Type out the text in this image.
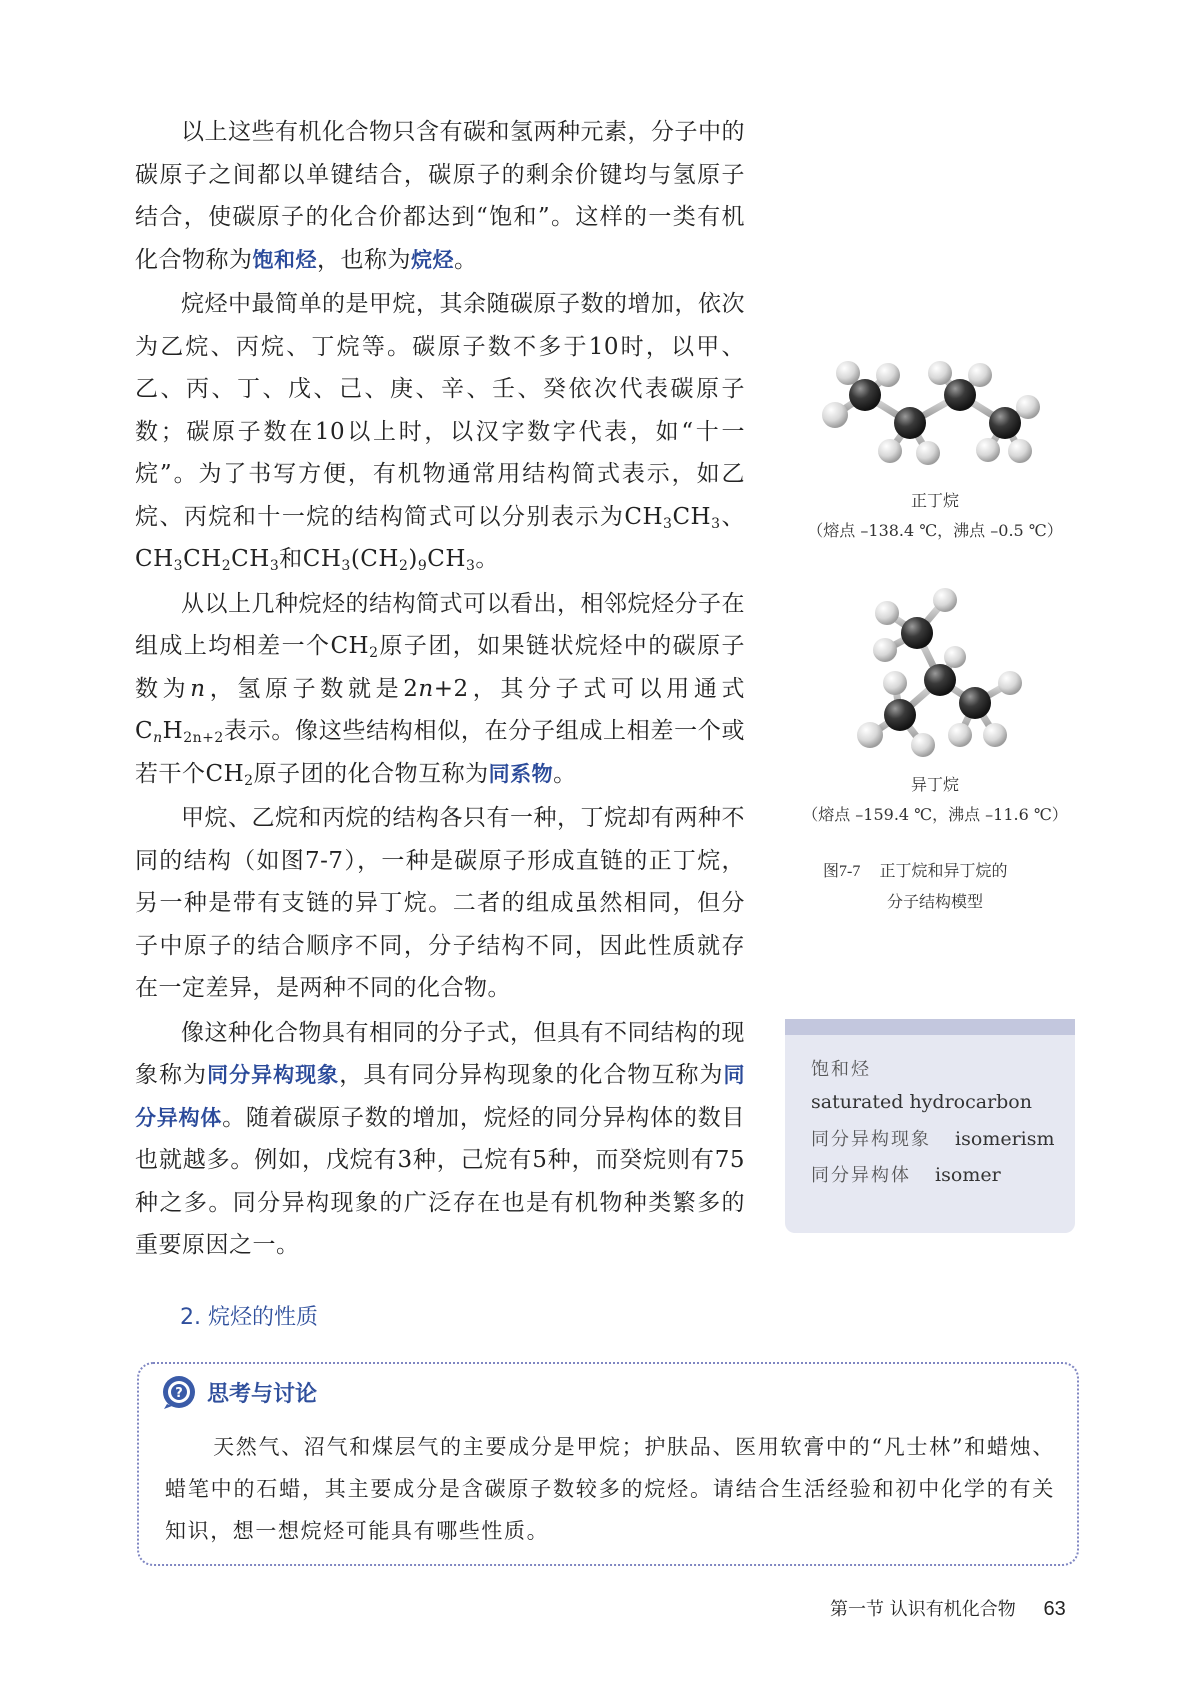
以上这些有机化合物只含有碳和氢两种元素，分子中的碳原子之间都以单键结合，碳原子的剩余价键均与氢原子结合，使碳原子的化合价都达到“饱和”。这样的一类有机化合物称为饱和烃，也称为烷烃。

烷烃中最简单的是甲烷，其余随碳原子数的增加，依次为乙烷、丙烷、丁烷等。碳原子数不多于10时，以甲、乙、丙、丁、戊、己、庚、辛、壬、癸依次代表碳原子数；碳原子数在10以上时，以汉字数字代表，如“十一烷”。为了书写方便，有机物通常用结构简式表示，如乙烷、丙烷和十一烷的结构简式可以分别表示为$CH_3CH_3$、$CH_3CH_2CH_3$和$CH_3(CH_2)_9CH_3$。

从以上几种烷烃的结构简式可以看出，相邻烷烃分子在组成上均相差一个$CH_2$原子团，如果链状烷烃中的碳原子数为n，氢原子数就是2n+2，其分子式可以用通式$C_nH_{2n+2}$表示。像这些结构相似，在分子组成上相差一个或若干个$CH_2$原子团的化合物互称为同系物。

甲烷、乙烷和丙烷的结构各只有一种，丁烷却有两种不同的结构（如图7-7），一种是碳原子形成直链的正丁烷，另一种是带有支链的异丁烷。二者的组成虽然相同，但分子中原子的结合顺序不同，分子结构不同，因此性质就存在一定差异，是两种不同的化合物。

像这种化合物具有相同的分子式，但具有不同结构的现象称为同分异构现象，具有同分异构现象的化合物互称为同分异构体。随着碳原子数的增加，烷烃的同分异构体的数目也就越多。例如，戊烷有3种，己烷有5种，而癸烷则有75种之多。同分异构现象的广泛存在也是有机物种类繁多的重要原因之一。

正丁烷
（熔点 –138.4 ℃，沸点 –0.5 ℃）
异丁烷
（熔点 –159.4 ℃，沸点 –11.6 ℃）
图7-7 正丁烷和异丁烷的
分子结构模型
饱和烃
saturated hydrocarbon
同分异构现象 isomerism
同分异构体 isomer
2. 烷烃的性质
? 思考与讨论
天然气、沼气和煤层气的主要成分是甲烷；护肤品、医用软膏中的“凡士林”和蜡烛、蜡笔中的石蜡，其主要成分是含碳原子数较多的烷烃。请结合生活经验和初中化学的有关知识，想一想烷烃可能具有哪些性质。
第一节 认识有机化合物 63
